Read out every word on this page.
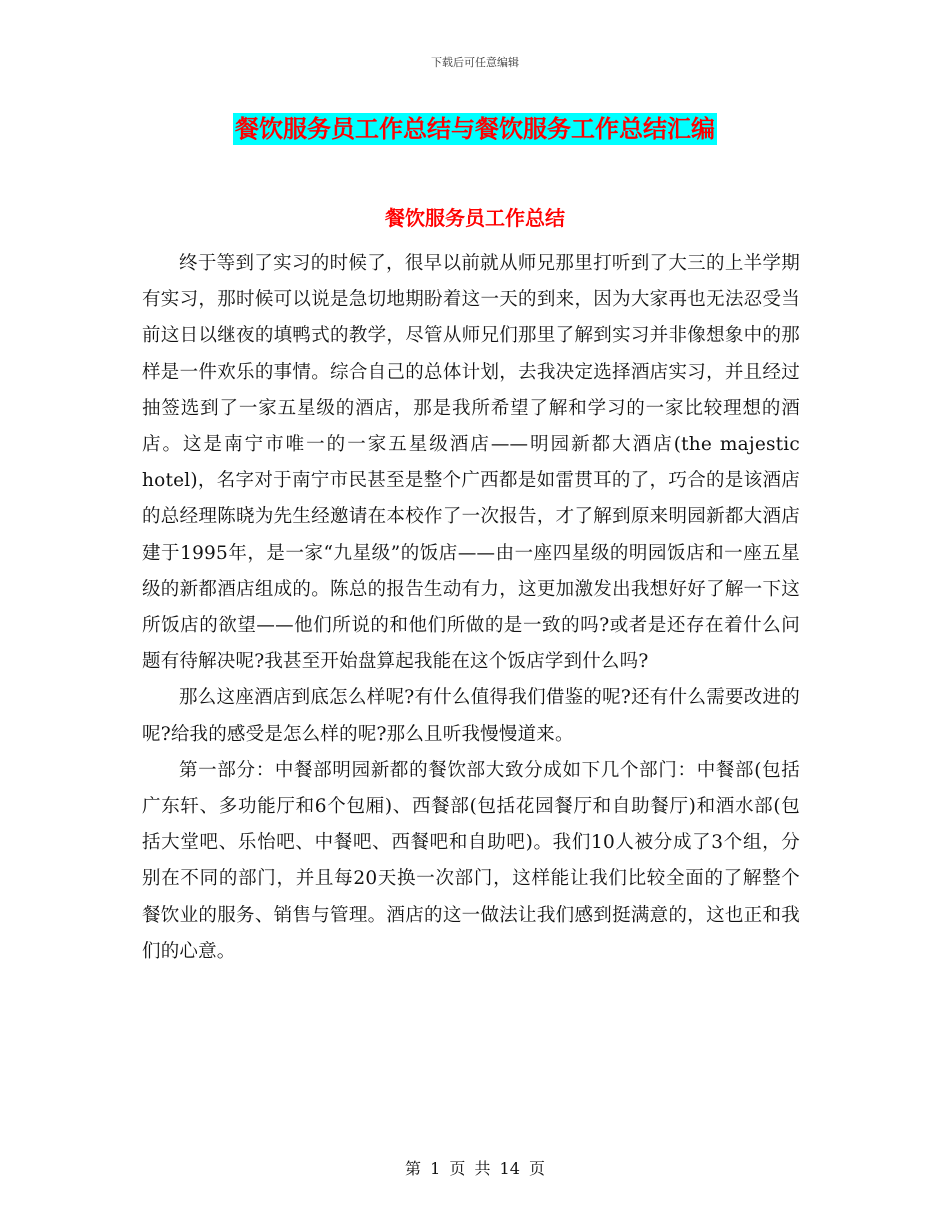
下载后可任意编辑
餐饮服务员工作总结与餐饮服务工作总结汇编
餐饮服务员工作总结

终于等到了实习的时候了，很早以前就从师兄那里打听到了大三的上半学期有实习，那时候可以说是急切地期盼着这一天的到来，因为大家再也无法忍受当前这日以继夜的填鸭式的教学，尽管从师兄们那里了解到实习并非像想象中的那样是一件欢乐的事情。综合自己的总体计划，去我决定选择酒店实习，并且经过抽签选到了一家五星级的酒店，那是我所希望了解和学习的一家比较理想的酒店。这是南宁市唯一的一家五星级酒店——明园新都大酒店(the majestic hotel)，名字对于南宁市民甚至是整个广西都是如雷贯耳的了，巧合的是该酒店的总经理陈晓为先生经邀请在本校作了一次报告，才了解到原来明园新都大酒店建于1995年，是一家“九星级”的饭店——由一座四星级的明园饭店和一座五星级的新都酒店组成的。陈总的报告生动有力，这更加激发出我想好好了解一下这所饭店的欲望——他们所说的和他们所做的是一致的吗?或者是还存在着什么问题有待解决呢?我甚至开始盘算起我能在这个饭店学到什么吗?

那么这座酒店到底怎么样呢?有什么值得我们借鉴的呢?还有什么需要改进的呢?给我的感受是怎么样的呢?那么且听我慢慢道来。

第一部分：中餐部明园新都的餐饮部大致分成如下几个部门：中餐部(包括广东轩、多功能厅和6个包厢)、西餐部(包括花园餐厅和自助餐厅)和酒水部(包括大堂吧、乐怡吧、中餐吧、西餐吧和自助吧)。我们10人被分成了3个组，分别在不同的部门，并且每20天换一次部门，这样能让我们比较全面的了解整个餐饮业的服务、销售与管理。酒店的这一做法让我们感到挺满意的，这也正和我们的心意。

第 1 页 共 14 页
